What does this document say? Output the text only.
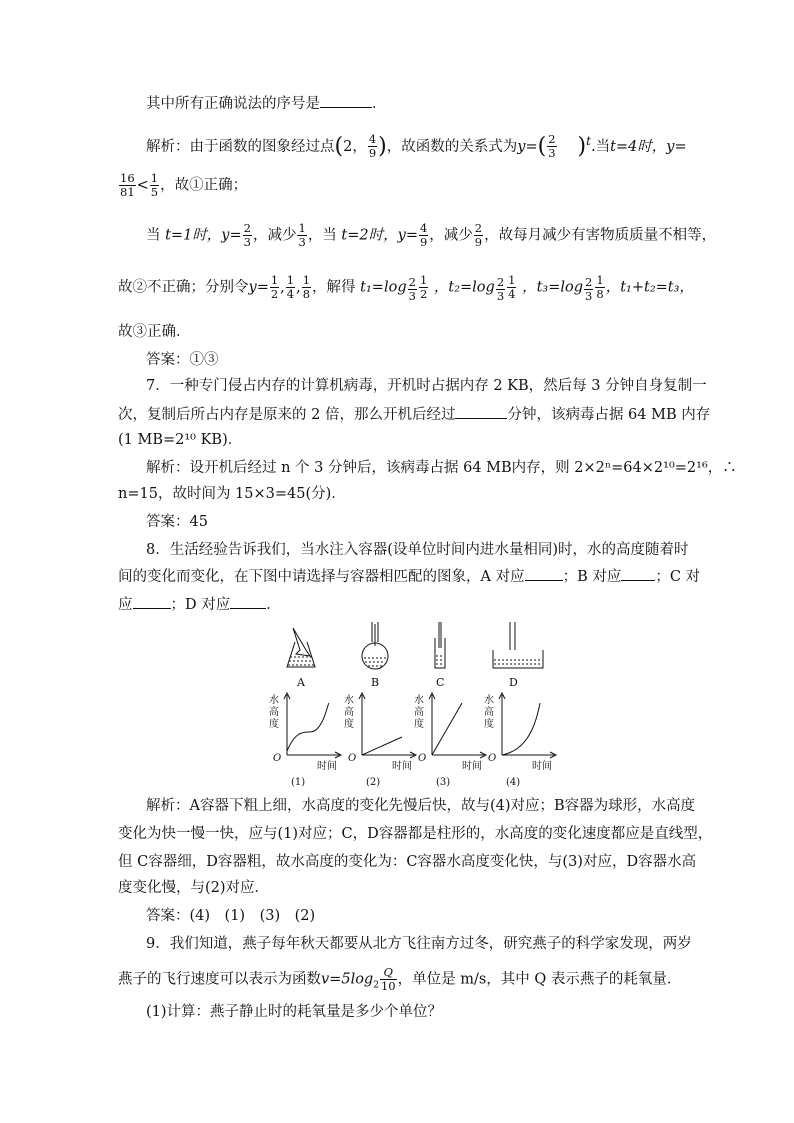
其中所有正确说法的序号是	．
解析：由于函数的图象经过点(2， $\frac{4}{9}$ )，故函数的关系式为$y=( \frac{2}{3} )^t$.当t=4时，y=
$\frac{16}{81} < \frac{1}{5}$ ，故①正确；
当 t=1时，$y= \frac{2}{3}$ ，减少 $\frac{1}{3}$ ，当 t=2时，$y= \frac{4}{9}$ ，减少 $\frac{2}{9}$ ，故每月减少有害物质质量不相等，
故②不正确；分别令$y= \frac{1}{2}$ , $\frac{1}{4}$ , $\frac{1}{8}$ ，解得 $t_1=\log \frac{2}{3} \frac{1}{2}$ ，$t_2=\log \frac{2}{3} \frac{1}{4}$ ，$t_3=\log \frac{2}{3} \frac{1}{8}$ ，t₁+t₂=t₃，
故③正确．
答案：①③
7．一种专门侵占内存的计算机病毒，开机时占据内存 2 KB，然后每 3 分钟自身复制一
次，复制后所占内存是原来的 2 倍，那么开机后经过	分钟，该病毒占据 64 MB 内存
(1 MB=2¹⁰ KB)．
解析：设开机后经过 n 个 3 分钟后，该病毒占据 64 MB内存，则 2×2ⁿ=64×2¹⁰=2¹⁶，∴
n=15，故时间为 15×3=45(分)．
答案：45
8．生活经验告诉我们，当水注入容器(设单位时间内进水量相同)时，水的高度随着时
间的变化而变化，在下图中请选择与容器相匹配的图象，A 对应	；B 对应 ；C 对
应	；D 对应 ．
A	B	C	D
水
高
度
O
时间
(1)
水
高
度
O
时间
(2)
水
高
度
O
时间
(3)
水
高
度
O
时间
(4)
解析：A容器下粗上细，水高度的变化先慢后快，故与(4)对应；B容器为球形，水高度
变化为快一慢一快，应与(1)对应；C，D容器都是柱形的，水高度的变化速度都应是直线型，
但 C容器细，D容器粗，故水高度的变化为：C容器水高度变化快，与(3)对应，D容器水高
度变化慢，与(2)对应．
答案：(4)　(1)　(3)　(2)
9．我们知道，燕子每年秋天都要从北方飞往南方过冬，研究燕子的科学家发现，两岁
燕子的飞行速度可以表示为函数$v=5\log_2 \frac{Q}{10}$ ，单位是 m/s，其中 Q 表示燕子的耗氧量．
(1)计算：燕子静止时的耗氧量是多少个单位？
